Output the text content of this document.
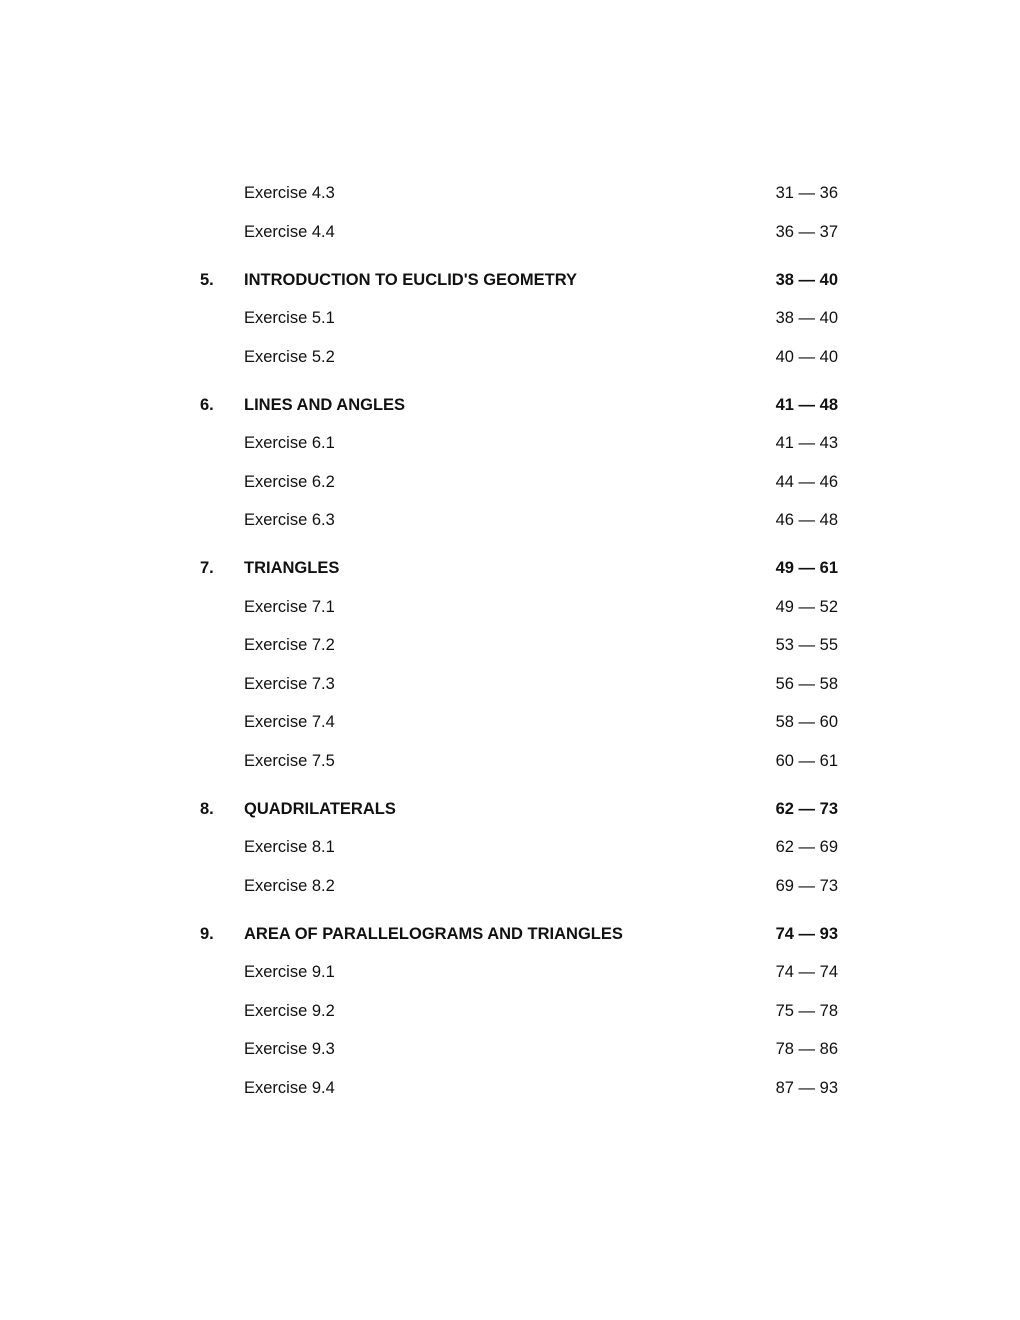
Exercise 4.3	31 — 36
Exercise 4.4	36 — 37
5. INTRODUCTION TO EUCLID'S GEOMETRY	38 — 40
Exercise 5.1	38 — 40
Exercise 5.2	40 — 40
6. LINES AND ANGLES	41 — 48
Exercise 6.1	41 — 43
Exercise 6.2	44 — 46
Exercise 6.3	46 — 48
7. TRIANGLES	49 — 61
Exercise 7.1	49 — 52
Exercise 7.2	53 — 55
Exercise 7.3	56 — 58
Exercise 7.4	58 — 60
Exercise 7.5	60 — 61
8. QUADRILATERALS	62 — 73
Exercise 8.1	62 — 69
Exercise 8.2	69 — 73
9. AREA OF PARALLELOGRAMS AND TRIANGLES	74 — 93
Exercise 9.1	74 — 74
Exercise 9.2	75 — 78
Exercise 9.3	78 — 86
Exercise 9.4	87 — 93
